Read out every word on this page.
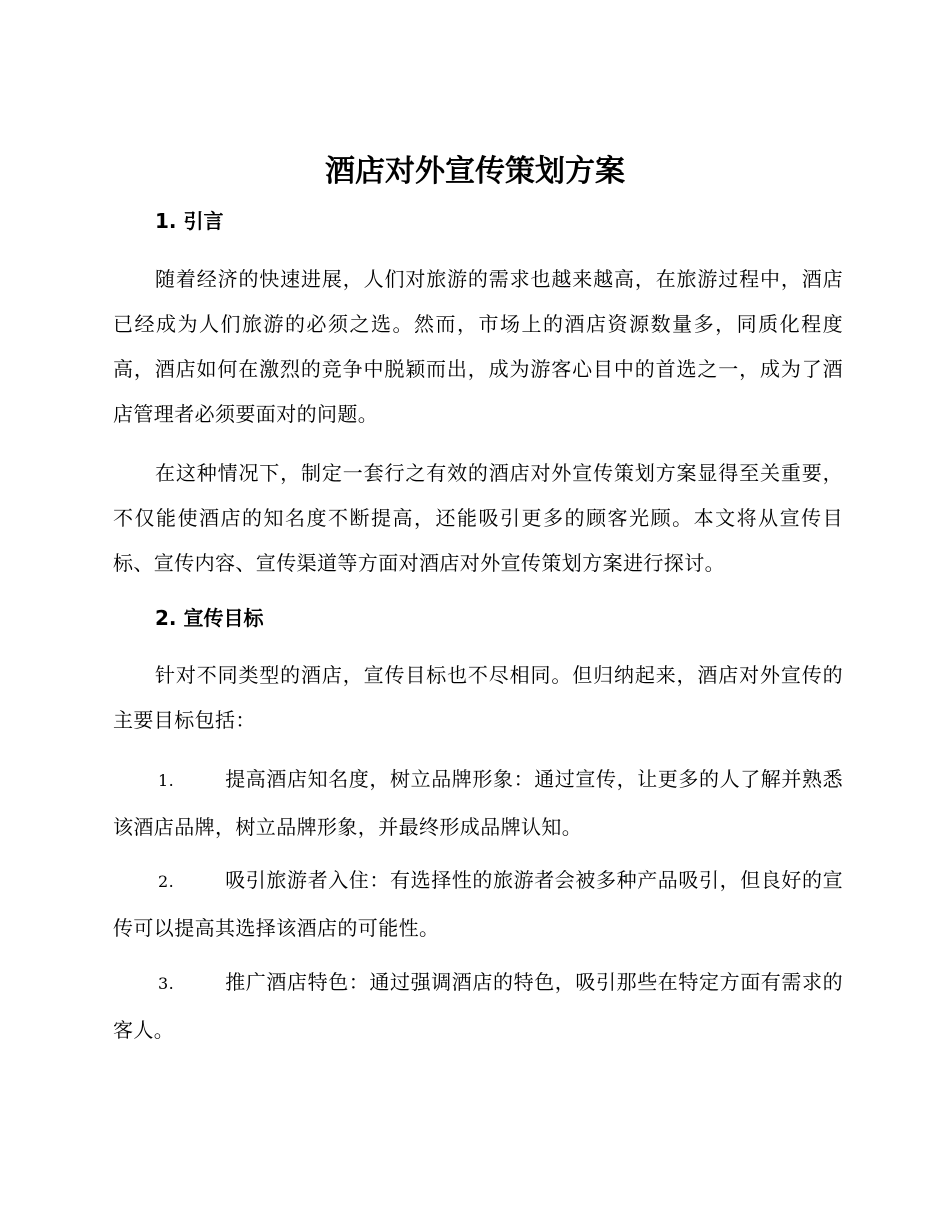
酒店对外宣传策划方案
1. 引言

随着经济的快速进展，人们对旅游的需求也越来越高，在旅游过程中，酒店已经成为人们旅游的必须之选。然而，市场上的酒店资源数量多，同质化程度高，酒店如何在激烈的竞争中脱颖而出，成为游客心目中的首选之一，成为了酒店管理者必须要面对的问题。

在这种情况下，制定一套行之有效的酒店对外宣传策划方案显得至关重要，不仅能使酒店的知名度不断提高，还能吸引更多的顾客光顾。本文将从宣传目标、宣传内容、宣传渠道等方面对酒店对外宣传策划方案进行探讨。

2. 宣传目标

针对不同类型的酒店，宣传目标也不尽相同。但归纳起来，酒店对外宣传的主要目标包括：

1.	提高酒店知名度，树立品牌形象：通过宣传，让更多的人了解并熟悉该酒店品牌，树立品牌形象，并最终形成品牌认知。

2.	吸引旅游者入住：有选择性的旅游者会被多种产品吸引，但良好的宣传可以提高其选择该酒店的可能性。

3.	推广酒店特色：通过强调酒店的特色，吸引那些在特定方面有需求的客人。
